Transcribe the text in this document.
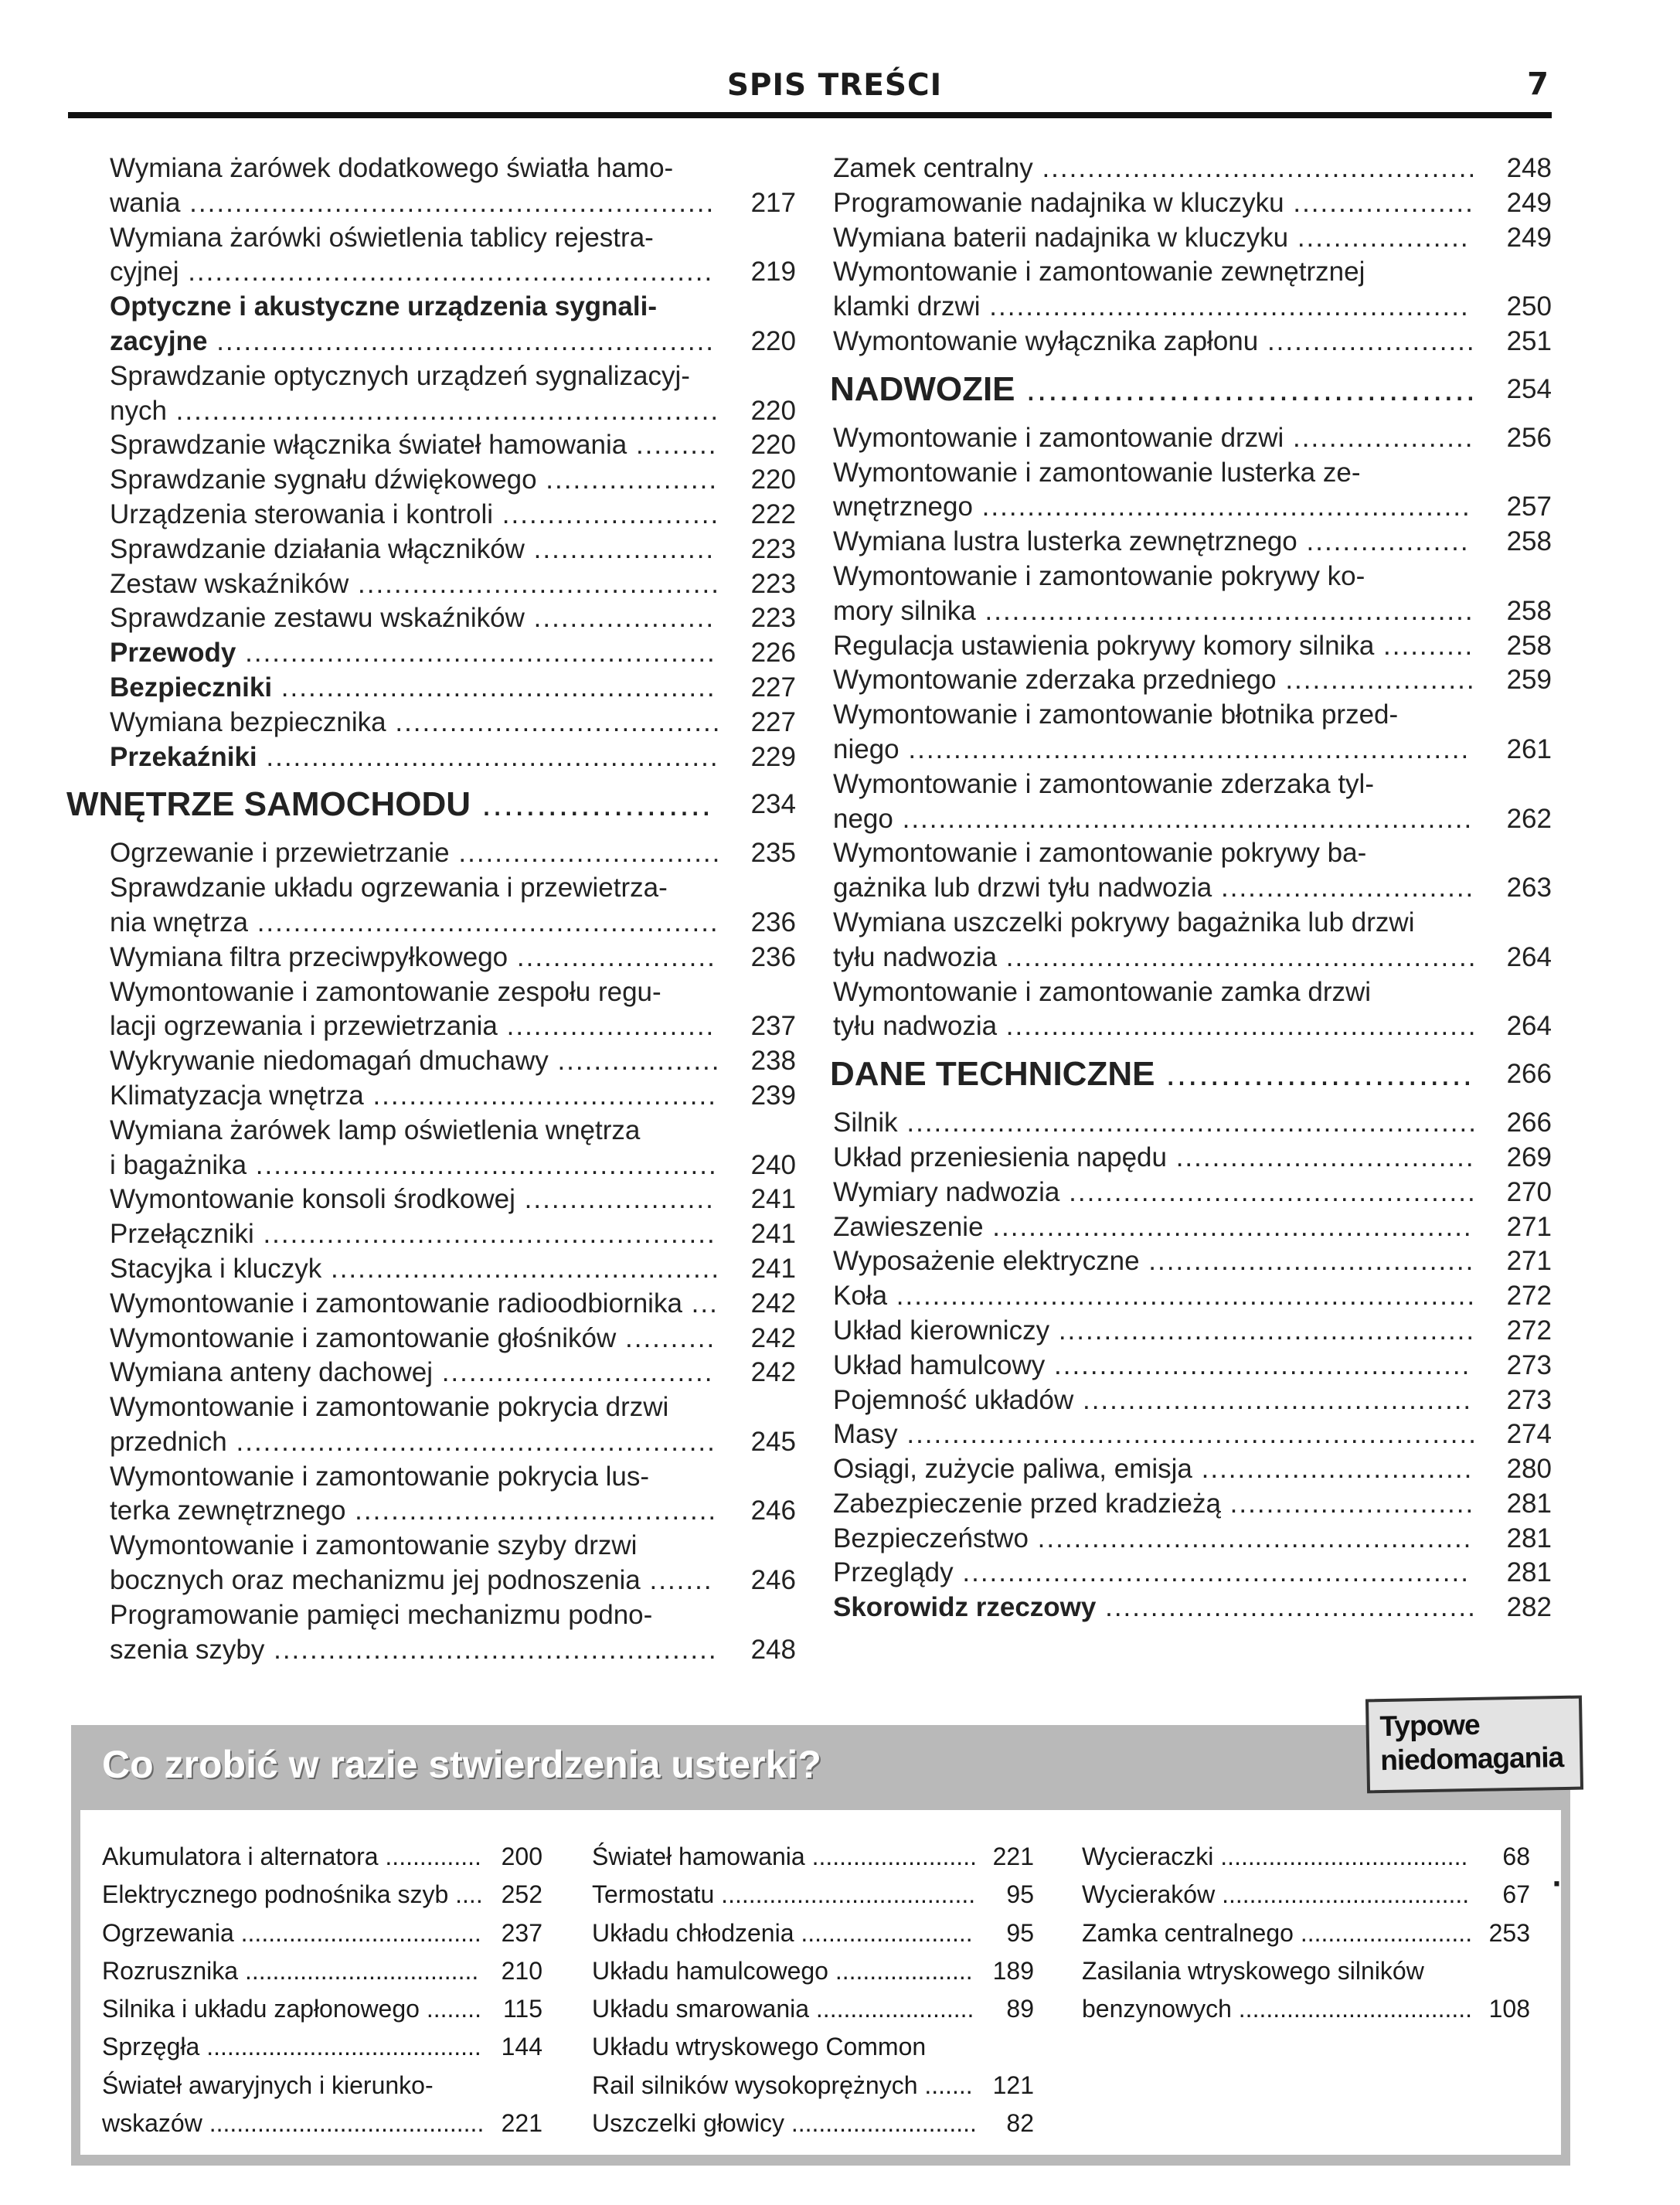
SPIS TREŚCI	7
Wymiana żarówek dodatkowego światła hamo-
wania ..........................................................	217
Wymiana żarówki oświetlenia tablicy rejestra-
cyjnej ..........................................................	219
Optyczne i akustyczne urządzenia sygnali-
zacyjne .......................................................	220
Sprawdzanie optycznych urządzeń sygnalizacyj-
nych ............................................................	220
Sprawdzanie włącznika świateł hamowania .........	220
Sprawdzanie sygnału dźwiękowego ...................	220
Urządzenia sterowania i kontroli ........................	222
Sprawdzanie działania włączników ....................	223
Zestaw wskaźników ........................................	223
Sprawdzanie zestawu wskaźników ....................	223
Przewody ....................................................	226
Bezpieczniki ................................................	227
Wymiana bezpiecznika ....................................	227
Przekaźniki ..................................................	229
WNĘTRZE SAMOCHODU .....................	234
Ogrzewanie i przewietrzanie .............................	235
Sprawdzanie układu ogrzewania i przewietrza-
nia wnętrza ...................................................	236
Wymiana filtra przeciwpyłkowego ......................	236
Wymontowanie i zamontowanie zespołu regu-
lacji ogrzewania i przewietrzania .......................	237
Wykrywanie niedomagań dmuchawy ..................	238
Klimatyzacja wnętrza ......................................	239
Wymiana żarówek lamp oświetlenia wnętrza
i bagażnika ...................................................	240
Wymontowanie konsoli środkowej .....................	241
Przełączniki ..................................................	241
Stacyjka i kluczyk ...........................................	241
Wymontowanie i zamontowanie radioodbiornika ...	242
Wymontowanie i zamontowanie głośników ..........	242
Wymiana anteny dachowej ..............................	242
Wymontowanie i zamontowanie pokrycia drzwi
przednich .....................................................	245
Wymontowanie i zamontowanie pokrycia lus-
terka zewnętrznego ........................................	246
Wymontowanie i zamontowanie szyby drzwi
bocznych oraz mechanizmu jej podnoszenia .......	246
Programowanie pamięci mechanizmu podno-
szenia szyby .................................................	248
Zamek centralny ................................................	248
Programowanie nadajnika w kluczyku ....................	249
Wymiana baterii nadajnika w kluczyku ...................	249
Wymontowanie i zamontowanie zewnętrznej
klamki drzwi .....................................................	250
Wymontowanie wyłącznika zapłonu .......................	251
NADWOZIE .........................................	254
Wymontowanie i zamontowanie drzwi ....................	256
Wymontowanie i zamontowanie lusterka ze-
wnętrznego ......................................................	257
Wymiana lustra lusterka zewnętrznego ..................	258
Wymontowanie i zamontowanie pokrywy ko-
mory silnika ......................................................	258
Regulacja ustawienia pokrywy komory silnika ..........	258
Wymontowanie zderzaka przedniego .....................	259
Wymontowanie i zamontowanie błotnika przed-
niego ..............................................................	261
Wymontowanie i zamontowanie zderzaka tyl-
nego ...............................................................	262
Wymontowanie i zamontowanie pokrywy ba-
gażnika lub drzwi tyłu nadwozia ............................	263
Wymiana uszczelki pokrywy bagażnika lub drzwi
tyłu nadwozia ....................................................	264
Wymontowanie i zamontowanie zamka drzwi
tyłu nadwozia ....................................................	264
DANE TECHNICZNE ............................	266
Silnik ...............................................................	266
Układ przeniesienia napędu .................................	269
Wymiary nadwozia .............................................	270
Zawieszenie .....................................................	271
Wyposażenie elektryczne ....................................	271
Koła ................................................................	272
Układ kierowniczy ..............................................	272
Układ hamulcowy ..............................................	273
Pojemność układów ...........................................	273
Masy ...............................................................	274
Osiągi, zużycie paliwa, emisja ..............................	280
Zabezpieczenie przed kradzieżą ...........................	281
Bezpieczeństwo ................................................	281
Przeglądy ........................................................	281
Skorowidz rzeczowy .........................................	282
Co zrobić w razie stwierdzenia usterki?
Typowe
niedomagania
Akumulatora i alternatora .............. 200
Elektrycznego podnośnika szyb .... 252
Ogrzewania ................................... 237
Rozrusznika .................................. 210
Silnika i układu zapłonowego ........ 115
Sprzęgła ........................................ 144
Świateł awaryjnych i kierunko-
wskazów ........................................ 221
Świateł hamowania ........................ 221
Termostatu .....................................	95
Układu chłodzenia .........................	95
Układu hamulcowego .................... 189
Układu smarowania .......................	89
Układu wtryskowego Common
Rail silników wysokoprężnych ....... 121
Uszczelki głowicy ...........................	82
Wycieraczki ....................................	68
Wycieraków ....................................	67
Zamka centralnego ......................... 253
Zasilania wtryskowego silników
benzynowych .................................. 108
·
